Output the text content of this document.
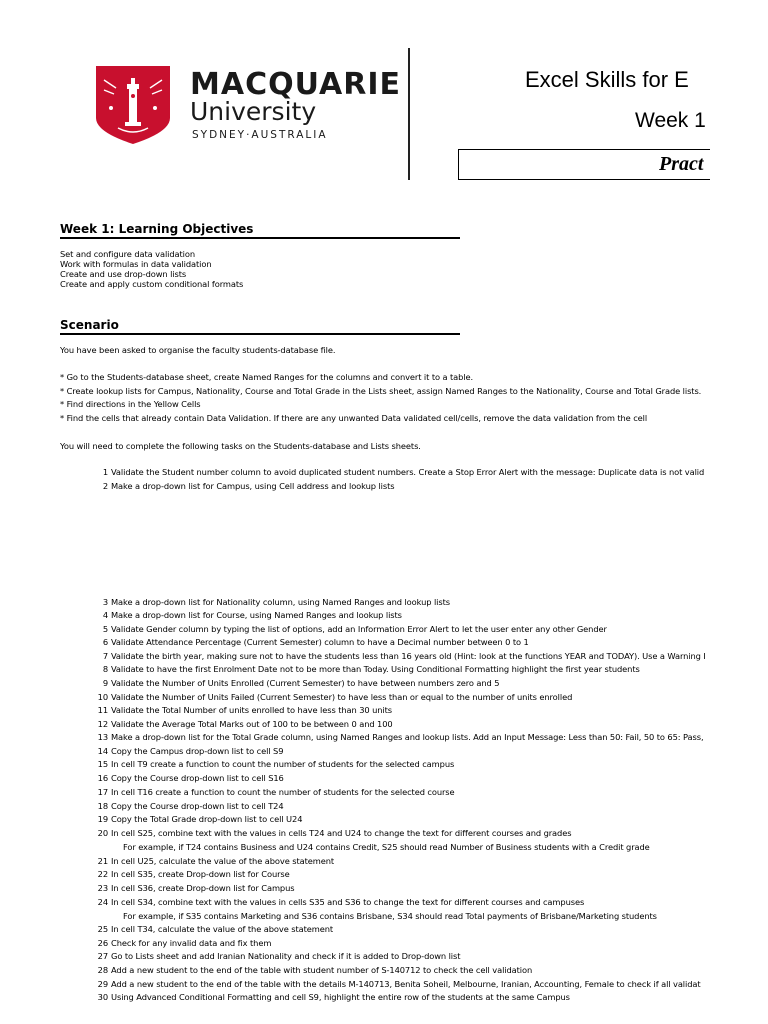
MACQUARIE
University
SYDNEY·AUSTRALIA
Excel Skills for E
Week 1
Pract
Week 1: Learning Objectives
Set and configure data validation
Work with formulas in data validation
Create and use drop-down lists
Create and apply custom conditional formats
Scenario
You have been asked to organise the faculty students-database file.
* Go to the Students-database sheet, create Named Ranges for the columns and convert it to a table.
* Create lookup lists for Campus, Nationality, Course and Total Grade in the Lists sheet, assign Named Ranges to the Nationality, Course and Total Grade lists.
* Find directions in the Yellow Cells
* Find the cells that already contain Data Validation. If there are any unwanted Data validated cell/cells, remove the data validation from the cell
You will need to complete the following tasks on the Students-database and Lists sheets.
1 Validate the Student number column to avoid duplicated student numbers. Create a Stop Error Alert with the message: Duplicate data is not valid
2 Make a drop-down list for Campus, using Cell address and lookup lists
3 Make a drop-down list for Nationality column, using Named Ranges and lookup lists
4 Make a drop-down list for Course, using Named Ranges and lookup lists
5 Validate Gender column by typing the list of options, add an Information Error Alert to let the user enter any other Gender
6 Validate Attendance Percentage (Current Semester) column to have a Decimal number between 0 to 1
7 Validate the birth year, making sure not to have the students less than 16 years old (Hint: look at the functions YEAR and TODAY). Use a Warning I
8 Validate to have the first Enrolment Date not to be more than Today. Using Conditional Formatting highlight the first year students
9 Validate the Number of Units Enrolled (Current Semester) to have between numbers zero and 5
10 Validate the Number of Units Failed (Current Semester) to have less than or equal to the number of units enrolled
11 Validate the Total Number of units enrolled to have less than 30 units
12 Validate the Average Total Marks out of 100 to be between 0 and 100
13 Make a drop-down list for the Total Grade column, using Named Ranges and lookup lists. Add an Input Message: Less than 50: Fail, 50 to 65: Pass,
14 Copy the Campus drop-down list to cell S9
15 In cell T9 create a function to count the number of students for the selected campus
16 Copy the Course drop-down list to cell S16
17 In cell T16 create a function to count the number of students for the selected course
18 Copy the Course drop-down list to cell T24
19 Copy the Total Grade drop-down list to cell U24
20 In cell S25, combine text with the values in cells T24 and U24 to change the text for different courses and grades
For example, if T24 contains Business and U24 contains Credit, S25 should read Number of Business students with a Credit grade
21 In cell U25, calculate the value of the above statement
22 In cell S35, create Drop-down list for Course
23 In cell S36, create Drop-down list for Campus
24 In cell S34, combine text with the values in cells S35 and S36 to change the text for different courses and campuses
For example, if S35 contains Marketing and S36 contains Brisbane, S34 should read Total payments of Brisbane/Marketing students
25 In cell T34, calculate the value of the above statement
26 Check for any invalid data and fix them
27 Go to Lists sheet and add Iranian Nationality and check if it is added to Drop-down list
28 Add a new student to the end of the table with student number of S-140712 to check the cell validation
29 Add a new student to the end of the table with the details M-140713, Benita Soheil, Melbourne, Iranian, Accounting, Female to check if all validat
30 Using Advanced Conditional Formatting and cell S9, highlight the entire row of the students at the same Campus
